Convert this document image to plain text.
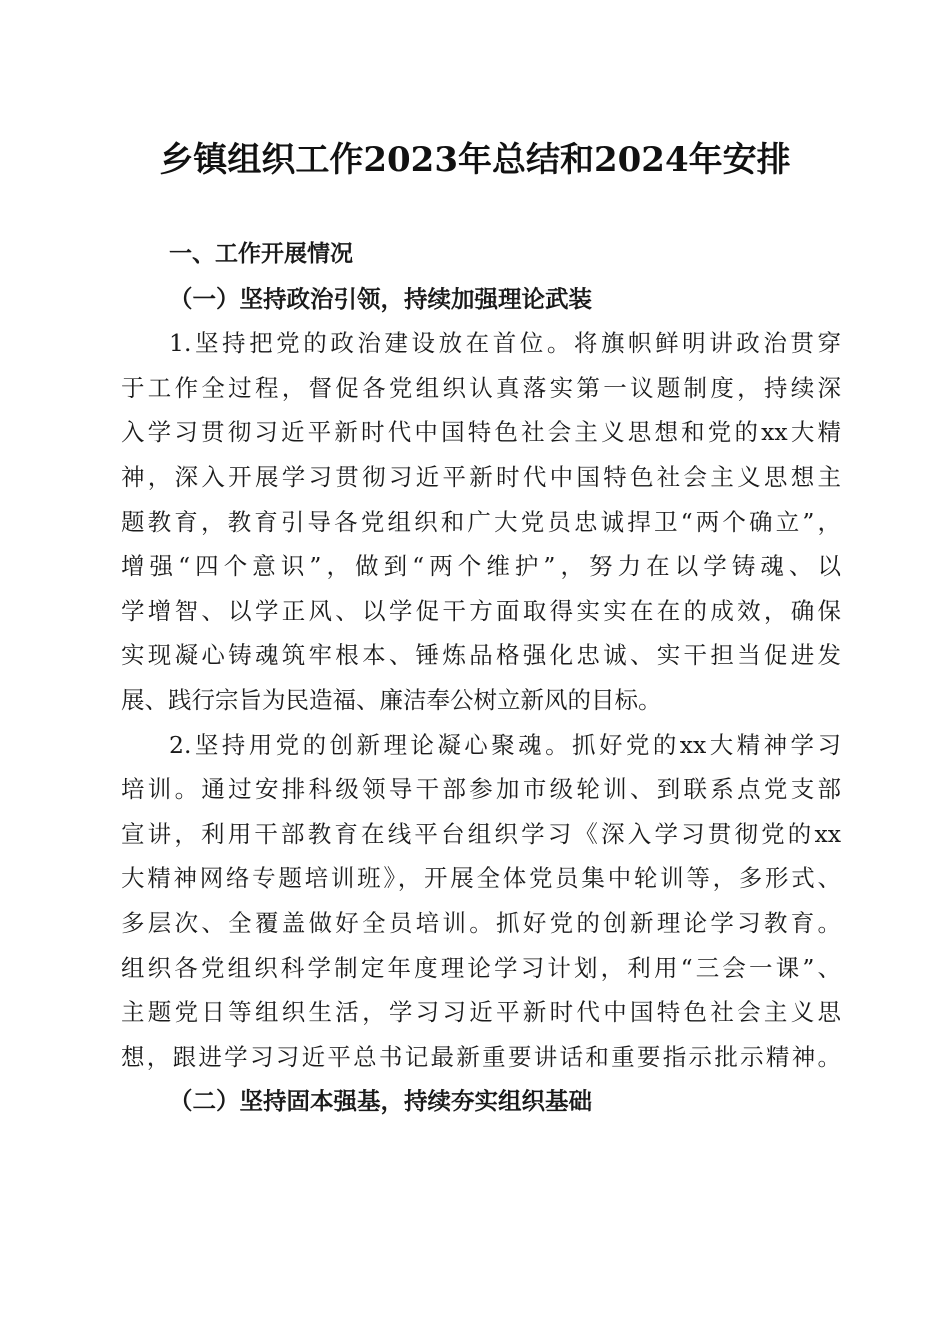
乡镇组织工作2023年总结和2024年安排
一、工作开展情况
（一）坚持政治引领，持续加强理论武装
1.坚持把党的政治建设放在首位。将旗帜鲜明讲政治贯穿
于工作全过程，督促各党组织认真落实第一议题制度，持续深
入学习贯彻习近平新时代中国特色社会主义思想和党的xx大精
神，深入开展学习贯彻习近平新时代中国特色社会主义思想主
题教育，教育引导各党组织和广大党员忠诚捍卫“两个确立”，
增强“四个意识”，做到“两个维护”，努力在以学铸魂、以
学增智、以学正风、以学促干方面取得实实在在的成效，确保
实现凝心铸魂筑牢根本、锤炼品格强化忠诚、实干担当促进发
展、践行宗旨为民造福、廉洁奉公树立新风的目标。
2.坚持用党的创新理论凝心聚魂。抓好党的xx大精神学习
培训。通过安排科级领导干部参加市级轮训、到联系点党支部
宣讲，利用干部教育在线平台组织学习《深入学习贯彻党的xx
大精神网络专题培训班》，开展全体党员集中轮训等，多形式、
多层次、全覆盖做好全员培训。抓好党的创新理论学习教育。
组织各党组织科学制定年度理论学习计划，利用“三会一课”、
主题党日等组织生活，学习习近平新时代中国特色社会主义思
想，跟进学习习近平总书记最新重要讲话和重要指示批示精神。
（二）坚持固本强基，持续夯实组织基础
